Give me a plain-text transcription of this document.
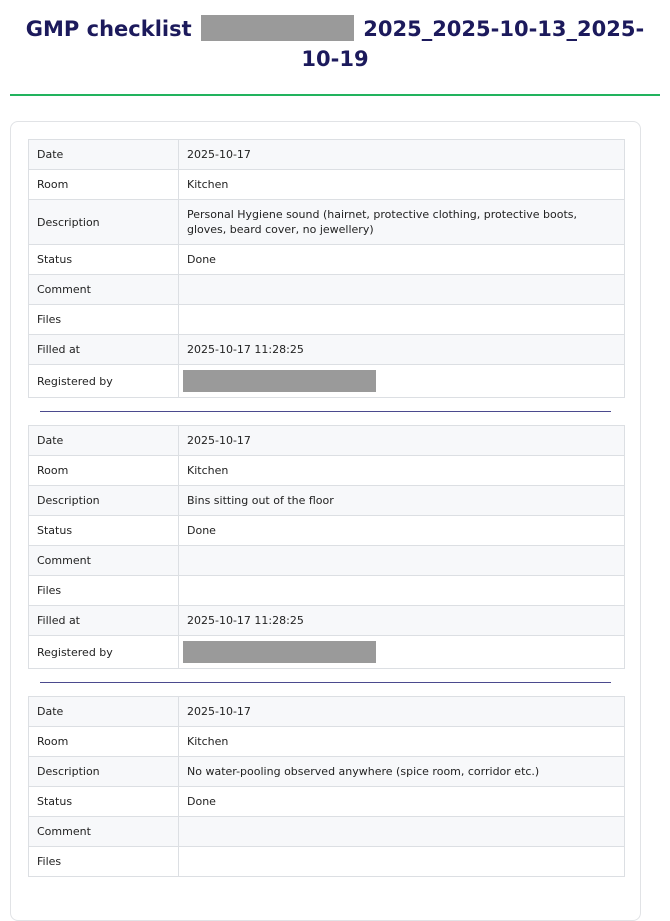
GMP checklist	2025_2025-10-13_2025-10-19
Date	2025-10-17
Room	Kitchen
Description	Personal Hygiene sound (hairnet, protective clothing, protective boots, gloves, beard cover, no jewellery)
Status	Done
Comment	
Files	
Filled at	2025-10-17 11:28:25
Registered by	
Date	2025-10-17
Room	Kitchen
Description	Bins sitting out of the floor
Status	Done
Comment	
Files	
Filled at	2025-10-17 11:28:25
Registered by	
Date	2025-10-17
Room	Kitchen
Description	No water-pooling observed anywhere (spice room, corridor etc.)
Status	Done
Comment	
Files	
